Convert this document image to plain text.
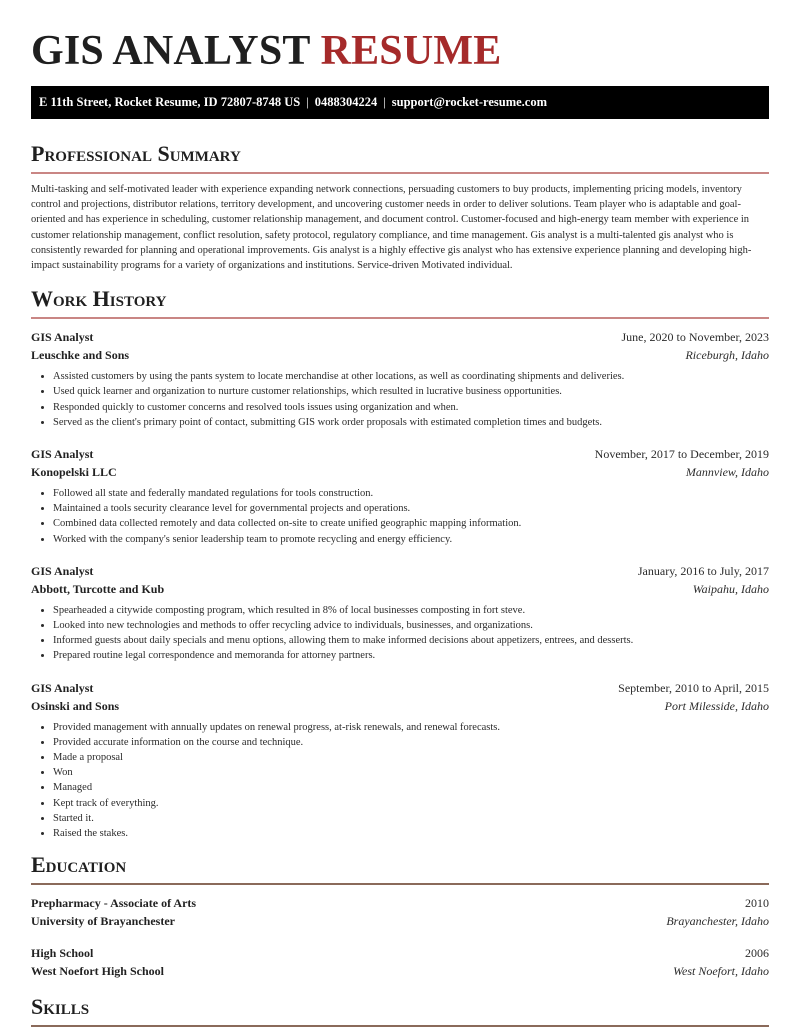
GIS ANALYST RESUME
E 11th Street, Rocket Resume, ID 72807-8748 US | 0488304224 | support@rocket-resume.com
Professional Summary

Multi-tasking and self-motivated leader with experience expanding network connections, persuading customers to buy products, implementing pricing models, inventory control and projections, distributor relations, territory development, and uncovering customer needs in order to deliver solutions. Team player who is adaptable and goal-oriented and has experience in scheduling, customer relationship management, and document control. Customer-focused and high-energy team member with experience in customer relationship management, conflict resolution, safety protocol, regulatory compliance, and time management. Gis analyst is a multi-talented gis analyst who is consistently rewarded for planning and operational improvements. Gis analyst is a highly effective gis analyst who has extensive experience planning and developing high-impact sustainability programs for a variety of organizations and institutions. Service-driven Motivated individual.

Work History
GIS Analyst	June, 2020 to November, 2023
Leuschke and Sons	Riceburgh, Idaho
• Assisted customers by using the pants system to locate merchandise at other locations, as well as coordinating shipments and deliveries.
• Used quick learner and organization to nurture customer relationships, which resulted in lucrative business opportunities.
• Responded quickly to customer concerns and resolved tools issues using organization and when.
• Served as the client's primary point of contact, submitting GIS work order proposals with estimated completion times and budgets.
GIS Analyst	November, 2017 to December, 2019
Konopelski LLC	Mannview, Idaho
• Followed all state and federally mandated regulations for tools construction.
• Maintained a tools security clearance level for governmental projects and operations.
• Combined data collected remotely and data collected on-site to create unified geographic mapping information.
• Worked with the company's senior leadership team to promote recycling and energy efficiency.
GIS Analyst	January, 2016 to July, 2017
Abbott, Turcotte and Kub	Waipahu, Idaho
• Spearheaded a citywide composting program, which resulted in 8% of local businesses composting in fort steve.
• Looked into new technologies and methods to offer recycling advice to individuals, businesses, and organizations.
• Informed guests about daily specials and menu options, allowing them to make informed decisions about appetizers, entrees, and desserts.
• Prepared routine legal correspondence and memoranda for attorney partners.
GIS Analyst	September, 2010 to April, 2015
Osinski and Sons	Port Milesside, Idaho
• Provided management with annually updates on renewal progress, at-risk renewals, and renewal forecasts.
• Provided accurate information on the course and technique.
• Made a proposal
• Won
• Managed
• Kept track of everything.
• Started it.
• Raised the stakes.
Education
Prepharmacy - Associate of Arts	2010
University of Brayanchester	Brayanchester, Idaho
High School	2006
West Noefort High School	West Noefort, Idaho
Skills
